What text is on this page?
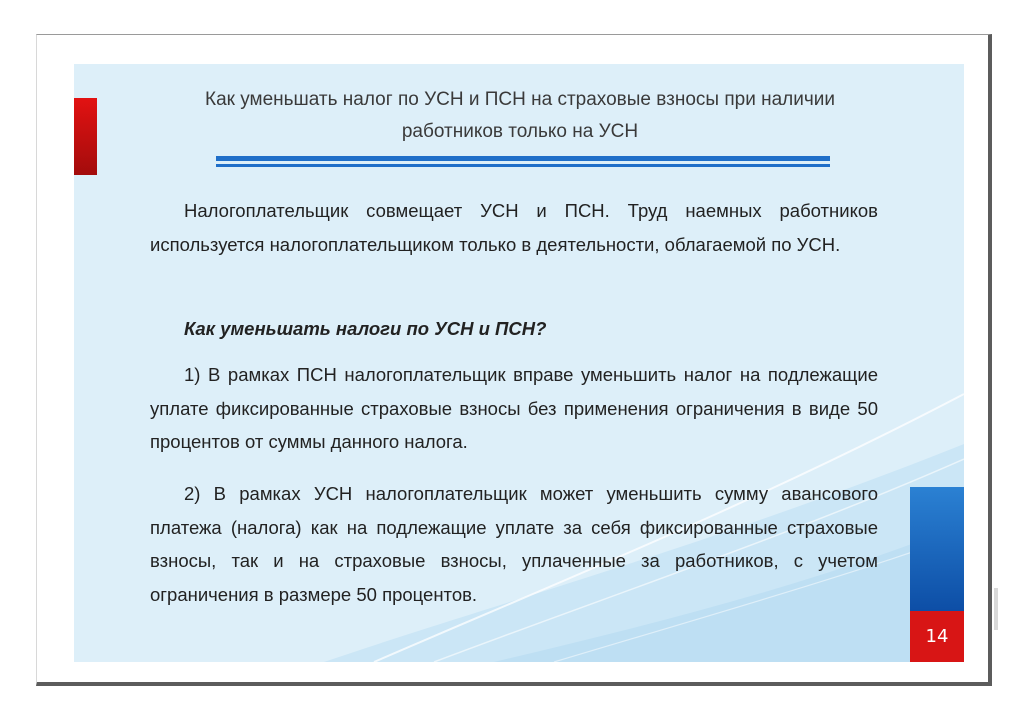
Как уменьшать налог по УСН и ПСН на страховые взносы при наличии работников только на УСН

Налогоплательщик совмещает УСН и ПСН. Труд наемных работников используется налогоплательщиком только в деятельности, облагаемой по УСН.

Как уменьшать налоги по УСН и ПСН?

1) В рамках ПСН налогоплательщик вправе уменьшить налог на подлежащие уплате фиксированные страховые взносы без применения ограничения в виде 50 процентов от суммы данного налога.

2) В рамках УСН налогоплательщик может уменьшить сумму авансового платежа (налога) как на подлежащие уплате за себя фиксированные страховые взносы, так и на страховые взносы, уплаченные за работников, с учетом ограничения в размере 50 процентов.

14
